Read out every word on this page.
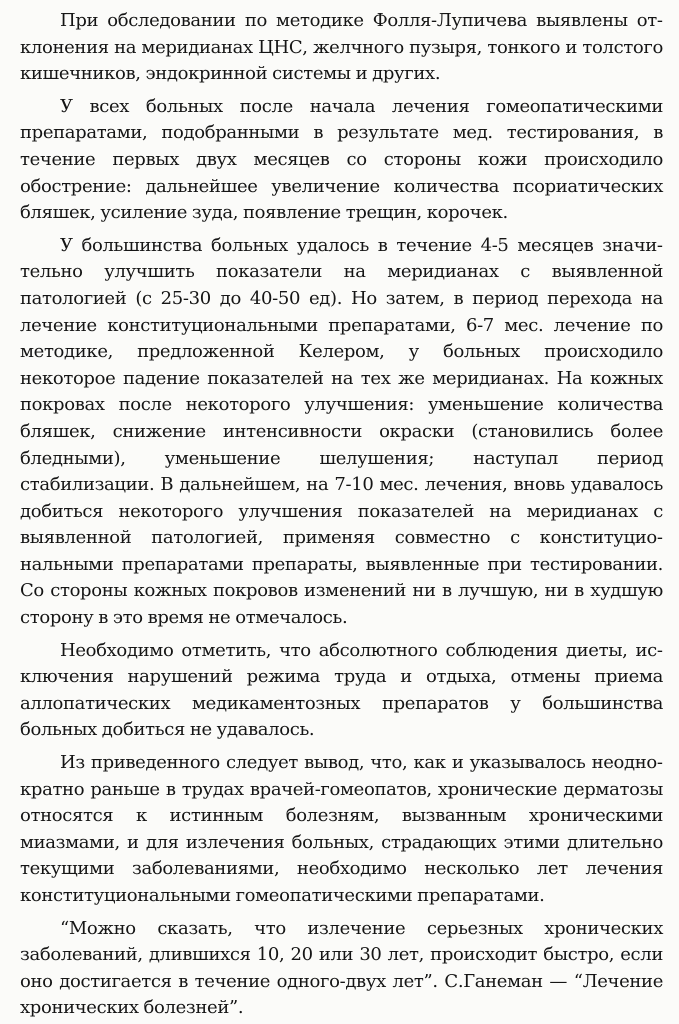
При обследовании по методике Фолля-Лупичева выявлены отклонения на меридианах ЦНС, желчного пузыря, тонкого и толстого кишечников, эндокринной системы и других.

У всех больных после начала лечения гомеопатическими препаратами, подобранными в результате мед. тестирования, в течение первых двух месяцев со стороны кожи происходило обострение: дальнейшее увеличение количества псориатических бляшек, усиление зуда, появление трещин, корочек.

У большинства больных удалось в течение 4-5 месяцев значительно улучшить показатели на меридианах с выявленной патологией (с 25-30 до 40-50 ед). Но затем, в период перехода на лечение конституциональными препаратами, 6-7 мес. лечение по методике, предложенной Келером, у больных происходило некоторое падение показателей на тех же меридианах. На кожных покровах после некоторого улучшения: уменьшение количества бляшек, снижение интенсивности окраски (становились более бледными), уменьшение шелушения; наступал период стабилизации. В дальнейшем, на 7-10 мес. лечения, вновь удавалось добиться некоторого улучшения показателей на меридианах с выявленной патологией, применяя совместно с конституциональными препаратами препараты, выявленные при тестировании. Со стороны кожных покровов изменений ни в лучшую, ни в худшую сторону в это время не отмечалось.

Необходимо отметить, что абсолютного соблюдения диеты, исключения нарушений режима труда и отдыха, отмены приема аллопатических медикаментозных препаратов у большинства больных добиться не удавалось.

Из приведенного следует вывод, что, как и указывалось неоднократно раньше в трудах врачей-гомеопатов, хронические дерматозы относятся к истинным болезням, вызванным хроническими миазмами, и для излечения больных, страдающих этими длительно текущими заболеваниями, необходимо несколько лет лечения конституциональными гомеопатическими препаратами.

“Можно сказать, что излечение серьезных хронических заболеваний, длившихся 10, 20 или 30 лет, происходит быстро, если оно достигается в течение одного-двух лет”. С.Ганеман — “Лечение хронических болезней”.
